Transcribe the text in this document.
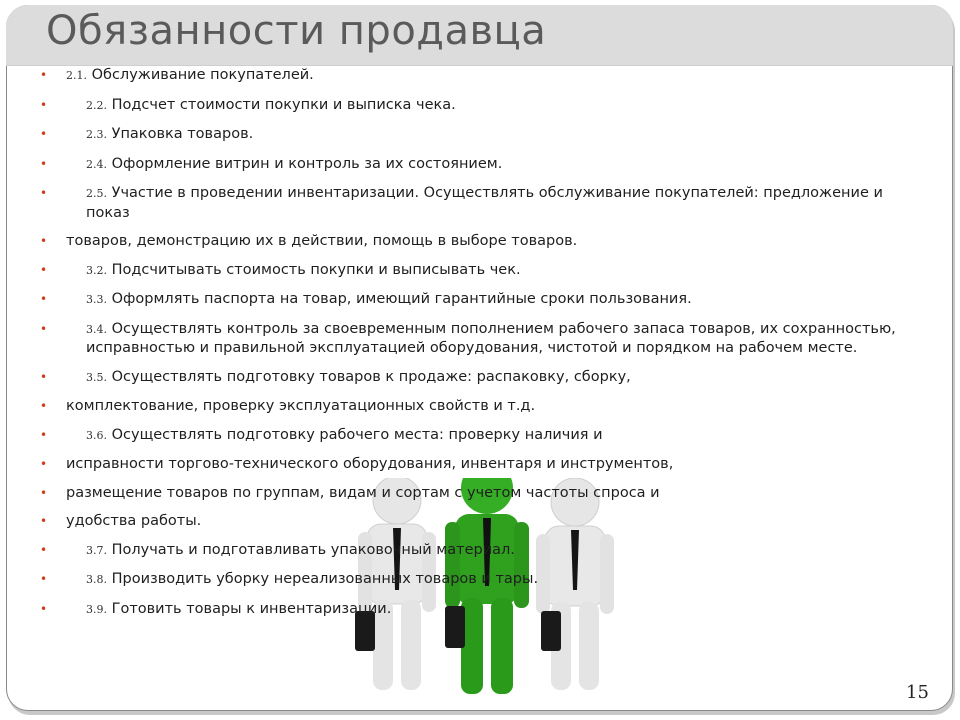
Обязанности продавца
• 2.1. Обслуживание покупателей.
•	2.2. Подсчет стоимости покупки и выписка чека.
•	2.3. Упаковка товаров.
•	2.4. Оформление витрин и контроль за их состоянием.
•	2.5. Участие в проведении инвентаризации. Осуществлять обслуживание покупателей: предложение и показ
• товаров, демонстрацию их в действии, помощь в выборе товаров.
•	3.2. Подсчитывать стоимость покупки и выписывать чек.
•	3.3. Оформлять паспорта на товар, имеющий гарантийные сроки пользования.
•	3.4. Осуществлять контроль за своевременным пополнением рабочего запаса товаров, их сохранностью, исправностью и правильной эксплуатацией оборудования, чистотой и порядком на рабочем месте.
•	3.5. Осуществлять подготовку товаров к продаже: распаковку, сборку,
• комплектование, проверку эксплуатационных свойств и т.д.
•	3.6. Осуществлять подготовку рабочего места: проверку наличия и
• исправности торгово-технического оборудования, инвентаря и инструментов,
• размещение товаров по группам, видам и сортам с учетом частоты спроса и
• удобства работы.
•	3.7. Получать и подготавливать упаковочный материал.
•	3.8. Производить уборку нереализованных товаров и тары.
•	3.9. Готовить товары к инвентаризации.
15
